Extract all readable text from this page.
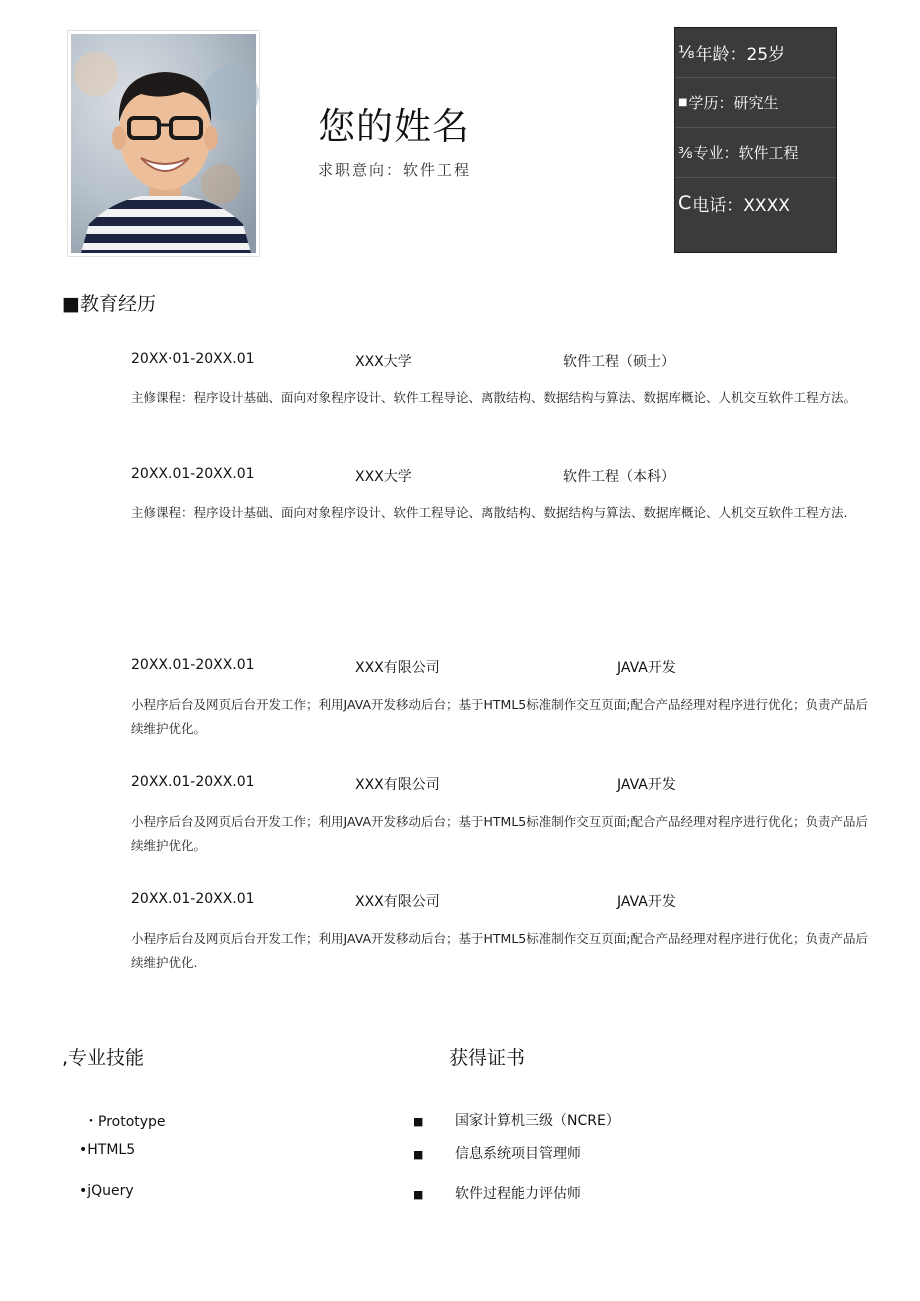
您的姓名
求职意向：软件工程
⅛ 年龄：25岁
■ 学历：研究生
⅜ 专业：软件工程
C 电话：XXXX
■教育经历
20XX·01-20XX.01	XXX大学	软件工程（硕士）
主修课程：程序设计基础、面向对象程序设计、软件工程导论、离散结构、数据结构与算法、数据库概论、人机交互软件工程方法。
20XX.01-20XX.01	XXX大学	软件工程（本科）
主修课程：程序设计基础、面向对象程序设计、软件工程导论、离散结构、数据结构与算法、数据库概论、人机交互软件工程方法.
20XX.01-20XX.01	XXX有限公司	JAVA开发
小程序后台及网页后台开发工作；利用JAVA开发移动后台；基于HTML5标准制作交互页面;配合产品经理对程序进行优化；负责产品后续维护优化。
20XX.01-20XX.01	XXX有限公司	JAVA开发
小程序后台及网页后台开发工作；利用JAVA开发移动后台；基于HTML5标准制作交互页面;配合产品经理对程序进行优化；负责产品后续维护优化。
20XX.01-20XX.01	XXX有限公司	JAVA开发
小程序后台及网页后台开发工作；利用JAVA开发移动后台；基于HTML5标准制作交互页面;配合产品经理对程序进行优化；负责产品后续维护优化.
,专业技能
・Prototype
•HTML5
•jQuery
获得证书
■ 国家计算机三级（NCRE）
■ 信息系统项目管理师
■ 软件过程能力评估师
